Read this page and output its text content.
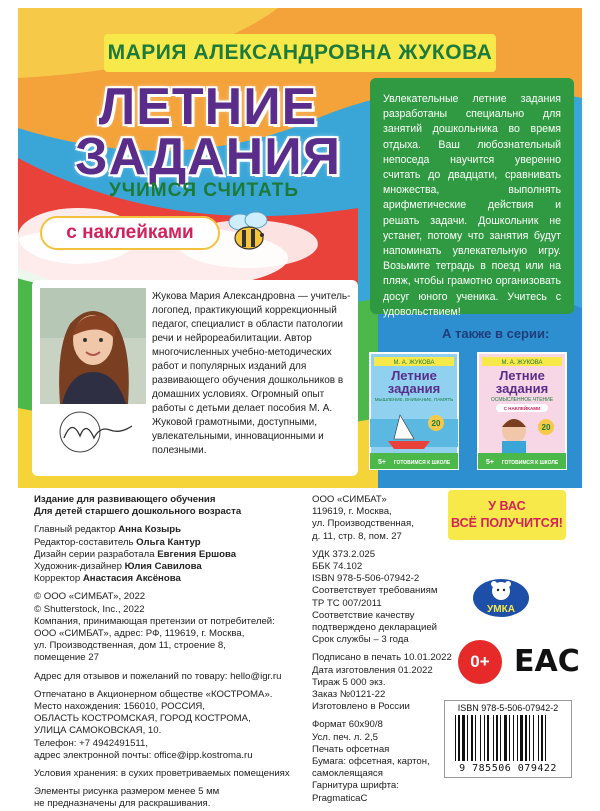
МАРИЯ АЛЕКСАНДРОВНА ЖУКОВА
ЛЕТНИЕ
ЗАДАНИЯ
УЧИМСЯ СЧИТАТЬ
с наклейками
Увлекательные летние задания разработаны специально для занятий дошкольника во время отдыха. Ваш любознательный непоседа научится уверенно считать до двадцати, сравнивать множества, выполнять арифметические действия и решать задачи. Дошкольник не устанет, потому что занятия будут напоминать увлекательную игру. Возьмите тетрадь в поезд или на пляж, чтобы грамотно организовать досуг юного ученика. Учитесь с удовольствием!
Жукова Мария Александровна — учитель-логопед, практикующий коррекционный педагог, специалист в области патологии речи и нейрореабилитации. Автор многочисленных учебно-методических работ и популярных изданий для развивающего обучения дошкольников в домашних условиях. Огромный опыт работы с детьми делает пособия М. А. Жуковой грамотными, доступными, увлекательными, инновационными и полезными.
А также в серии:
М. А. ЖУКОВА
Летние
задания
МЫШЛЕНИЕ, ВНИМАНИЕ, ПАМЯТЬ
20
5+ ГОТОВИМСЯ К ШКОЛЕ
М. А. ЖУКОВА
Летние
задания
ОСМЫСЛЕННОЕ ЧТЕНИЕ
С НАКЛЕЙКАМИ
20
5+ ГОТОВИМСЯ К ШКОЛЕ
Издание для развивающего обучения
Для детей старшего дошкольного возраста
Главный редактор Анна Козырь
Редактор-составитель Ольга Кантур
Дизайн серии разработала Евгения Ершова
Художник-дизайнер Юлия Савилова
Корректор Анастасия Аксёнова
© ООО «СИМБАТ», 2022
© Shutterstock, Inc., 2022
Компания, принимающая претензии от потребителей:
ООО «СИМБАТ», адрес: РФ, 119619, г. Москва,
ул. Производственная, дом 11, строение 8,
помещение 27
Адрес для отзывов и пожеланий по товару: hello@igr.ru
Отпечатано в Акционерном обществе «КОСТРОМА».
Место нахождения: 156010, РОССИЯ,
ОБЛАСТЬ КОСТРОМСКАЯ, ГОРОД КОСТРОМА,
УЛИЦА САМОКОВСКАЯ, 10.
Телефон: +7 4942491511,
адрес электронной почты: office@ipp.kostroma.ru
Условия хранения: в сухих проветриваемых помещениях
Элементы рисунка размером менее 5 мм
не предназначены для раскрашивания.
ООО «СИМБАТ»
119619, г. Москва,
ул. Производственная,
д. 11, стр. 8, пом. 27
УДК 373.2.025
ББК 74.102
ISBN 978-5-506-07942-2
Соответствует требованиям
ТР ТС 007/2011
Соответствие качеству
подтверждено декларацией
Срок службы – 3 года
Подписано в печать 10.01.2022
Дата изготовления 01.2022
Тираж 5 000 экз.
Заказ №0121-22
Изготовлено в России
Формат 60х90/8
Усл. печ. л. 2,5
Печать офсетная
Бумага: офсетная, картон,
самоклеящаяся
Гарнитура шрифта:
PragmaticaC
У ВАС
ВСЁ ПОЛУЧИТСЯ!
УМКА
0+ ЕАС
ISBN 978-5-506-07942-2
9 785506 079422
